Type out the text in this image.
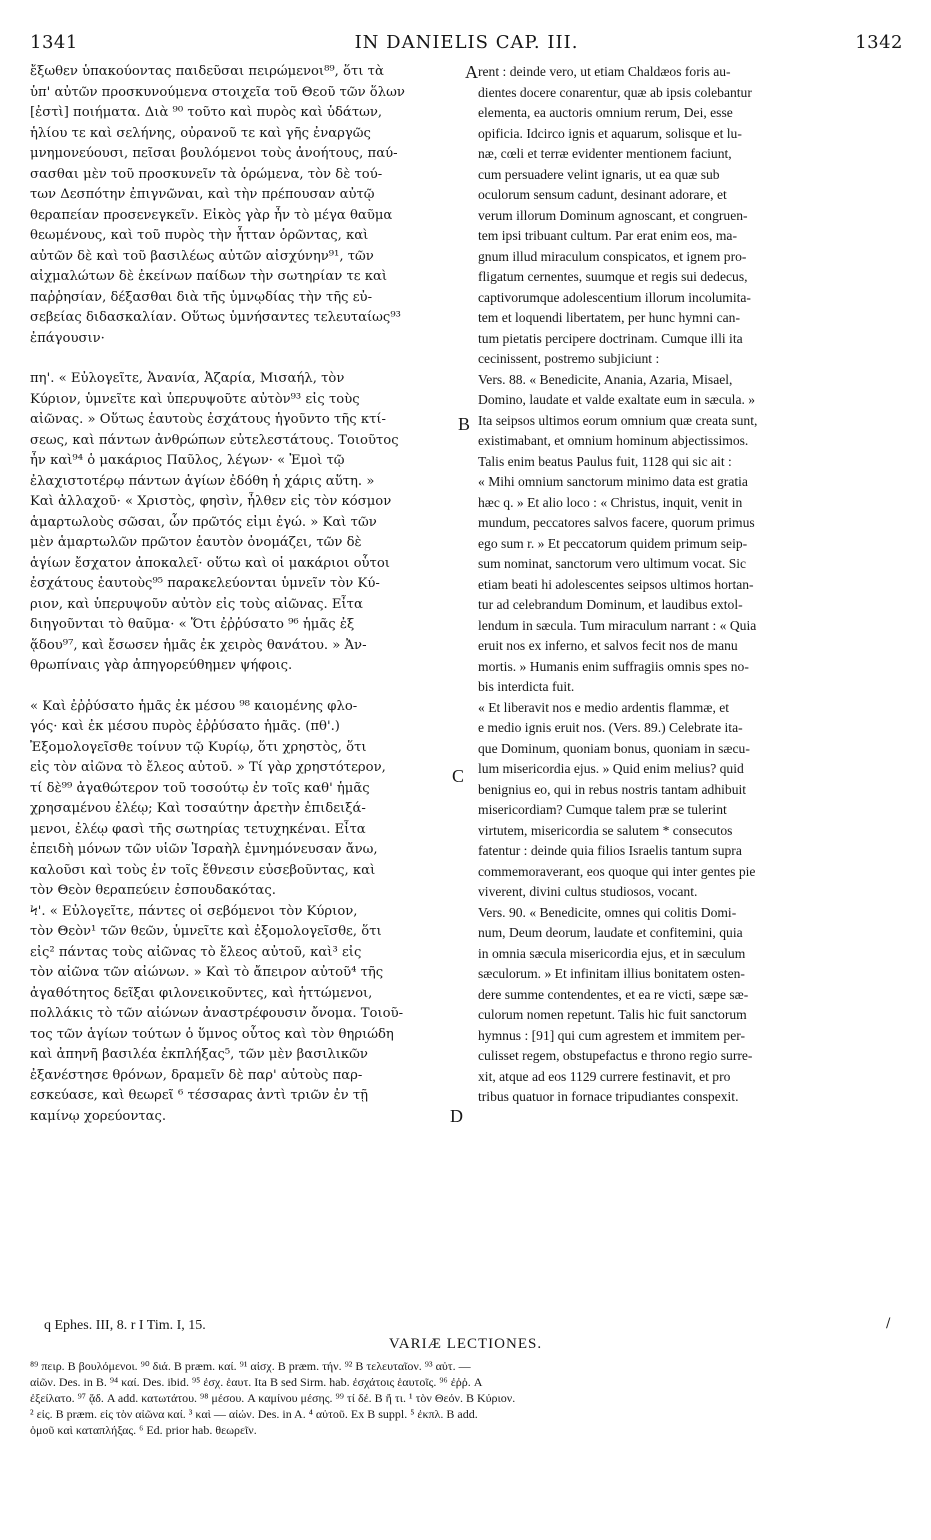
1341	IN DANIELIS CAP. III.	1342
A
B
C
D
ἔξωθεν ὑπακούοντας παιδεῦσαι πειρώμενοι⁸⁹, ὅτι τὰ
ὑπ' αὐτῶν προσκυνούμενα στοιχεῖα τοῦ Θεοῦ τῶν ὅλων
[ἐστὶ] ποιήματα. Διὰ ⁹⁰ τοῦτο καὶ πυρὸς καὶ ὑδάτων,
ἡλίου τε καὶ σελήνης, οὐρανοῦ τε καὶ γῆς ἐναργῶς
μνημονεύουσι, πεῖσαι βουλόμενοι τοὺς ἀνοήτους, παύ-
σασθαι μὲν τοῦ προσκυνεῖν τὰ ὁρώμενα, τὸν δὲ τού-
των Δεσπότην ἐπιγνῶναι, καὶ τὴν πρέπουσαν αὐτῷ
θεραπείαν προσενεγκεῖν. Εἰκὸς γὰρ ἦν τὸ μέγα θαῦμα
θεωμένους, καὶ τοῦ πυρὸς τὴν ἧτταν ὁρῶντας, καὶ
αὐτῶν δὲ καὶ τοῦ βασιλέως αὐτῶν αἰσχύνην⁹¹, τῶν
αἰχμαλώτων δὲ ἐκείνων παίδων τὴν σωτηρίαν τε καὶ
παῤῥησίαν, δέξασθαι διὰ τῆς ὑμνῳδίας τὴν τῆς εὐ-
σεβείας διδασκαλίαν. Οὕτως ὑμνήσαντες τελευταίως⁹³
ἐπάγουσιν·
πη'. « Εὐλογεῖτε, Ἀνανία, Ἀζαρία, Μισαήλ, τὸν
Κύριον, ὑμνεῖτε καὶ ὑπερυψοῦτε αὐτὸν⁹³ εἰς τοὺς
αἰῶνας. » Οὕτως ἑαυτοὺς ἐσχάτους ἡγοῦντο τῆς κτί-
σεως, καὶ πάντων ἀνθρώπων εὐτελεστάτους. Τοιοῦτος
ἦν καὶ⁹⁴ ὁ μακάριος Παῦλος, λέγων· « Ἐμοὶ τῷ
ἐλαχιστοτέρῳ πάντων ἁγίων ἐδόθη ἡ χάρις αὕτη. »
Καὶ ἀλλαχοῦ· « Χριστὸς, φησὶν, ἦλθεν εἰς τὸν κόσμον
ἁμαρτωλοὺς σῶσαι, ὧν πρῶτός εἰμι ἐγώ. » Καὶ τῶν
μὲν ἁμαρτωλῶν πρῶτον ἑαυτὸν ὀνομάζει, τῶν δὲ
ἁγίων ἔσχατον ἀποκαλεῖ· οὕτω καὶ οἱ μακάριοι οὗτοι
ἐσχάτους ἑαυτοὺς⁹⁵ παρακελεύονται ὑμνεῖν τὸν Κύ-
ριον, καὶ ὑπερυψοῦν αὐτὸν εἰς τοὺς αἰῶνας. Εἶτα
διηγοῦνται τὸ θαῦμα· « Ὅτι ἐῤῥύσατο ⁹⁶ ἡμᾶς ἐξ
ᾅδου⁹⁷, καὶ ἔσωσεν ἡμᾶς ἐκ χειρὸς θανάτου. » Ἀν-
θρωπίναις γὰρ ἀπηγορεύθημεν ψήφοις.
« Καὶ ἐῤῥύσατο ἡμᾶς ἐκ μέσου ⁹⁸ καιομένης φλο-
γός· καὶ ἐκ μέσου πυρὸς ἐῤῥύσατο ἡμᾶς. (πθ'.)
Ἐξομολογεῖσθε τοίνυν τῷ Κυρίῳ, ὅτι χρηστὸς, ὅτι
εἰς τὸν αἰῶνα τὸ ἔλεος αὐτοῦ. » Τί γὰρ χρηστότερον,
τί δὲ⁹⁹ ἀγαθώτερον τοῦ τοσούτῳ ἐν τοῖς καθ' ἡμᾶς
χρησαμένου ἐλέῳ; Καὶ τοσαύτην ἀρετὴν ἐπιδειξά-
μενοι, ἐλέῳ φασὶ τῆς σωτηρίας τετυχηκέναι. Εἶτα
ἐπειδὴ μόνων τῶν υἱῶν Ἰσραὴλ ἐμνημόνευσαν ἄνω,
καλοῦσι καὶ τοὺς ἐν τοῖς ἔθνεσιν εὐσεβοῦντας, καὶ
τὸν Θεὸν θεραπεύειν ἐσπουδακότας.
Ϟ'. « Εὐλογεῖτε, πάντες οἱ σεβόμενοι τὸν Κύριον,
τὸν Θεὸν¹ τῶν θεῶν, ὑμνεῖτε καὶ ἐξομολογεῖσθε, ὅτι
εἰς² πάντας τοὺς αἰῶνας τὸ ἔλεος αὐτοῦ, καὶ³ εἰς
τὸν αἰῶνα τῶν αἰώνων. » Καὶ τὸ ἄπειρον αὐτοῦ⁴ τῆς
ἀγαθότητος δεῖξαι φιλονεικοῦντες, καὶ ἡττώμενοι,
πολλάκις τὸ τῶν αἰώνων ἀναστρέφουσιν ὄνομα. Τοιοῦ-
τος τῶν ἁγίων τούτων ὁ ὕμνος οὗτος καὶ τὸν θηριώδη
καὶ ἀπηνῆ βασιλέα ἐκπλήξας⁵, τῶν μὲν βασιλικῶν
ἐξανέστησε θρόνων, δραμεῖν δὲ παρ' αὐτοὺς παρ-
εσκεύασε, καὶ θεωρεῖ ⁶ τέσσαρας ἀντὶ τριῶν ἐν τῇ
καμίνῳ χορεύοντας.
rent : deinde vero, ut etiam Chaldæos foris au-
dientes docere conarentur, quæ ab ipsis colebantur
elementa, ea auctoris omnium rerum, Dei, esse
opificia. Idcirco ignis et aquarum, solisque et lu-
næ, cœli et terræ evidenter mentionem faciunt,
cum persuadere velint ignaris, ut ea quæ sub
oculorum sensum cadunt, desinant adorare, et
verum illorum Dominum agnoscant, et congruen-
tem ipsi tribuant cultum. Par erat enim eos, ma-
gnum illud miraculum conspicatos, et ignem pro-
fligatum cernentes, suumque et regis sui dedecus,
captivorumque adolescentium illorum incolumita-
tem et loquendi libertatem, per hunc hymni can-
tum pietatis percipere doctrinam. Cumque illi ita
cecinissent, postremo subjiciunt :
Vers. 88. « Benedicite, Anania, Azaria, Misael,
Domino, laudate et valde exaltate eum in sæcula. »
Ita seipsos ultimos eorum omnium quæ creata sunt,
existimabant, et omnium hominum abjectissimos.
Talis enim beatus Paulus fuit, 1128 qui sic ait :
« Mihi omnium sanctorum minimo data est gratia
hæc q. » Et alio loco : « Christus, inquit, venit in
mundum, peccatores salvos facere, quorum primus
ego sum r. » Et peccatorum quidem primum seip-
sum nominat, sanctorum vero ultimum vocat. Sic
etiam beati hi adolescentes seipsos ultimos hortan-
tur ad celebrandum Dominum, et laudibus extol-
lendum in sæcula. Tum miraculum narrant : « Quia
eruit nos ex inferno, et salvos fecit nos de manu
mortis. » Humanis enim suffragiis omnis spes no-
bis interdicta fuit.
« Et liberavit nos e medio ardentis flammæ, et
e medio ignis eruit nos. (Vers. 89.) Celebrate ita-
que Dominum, quoniam bonus, quoniam in sæcu-
lum misericordia ejus. » Quid enim melius? quid
benignius eo, qui in rebus nostris tantam adhibuit
misericordiam? Cumque talem præ se tulerint
virtutem, misericordia se salutem * consecutos
fatentur : deinde quia filios Israelis tantum supra
commemoraverant, eos quoque qui inter gentes pie
viverent, divini cultus studiosos, vocant.
Vers. 90. « Benedicite, omnes qui colitis Domi-
num, Deum deorum, laudate et confitemini, quia
in omnia sæcula misericordia ejus, et in sæculum
sæculorum. » Et infinitam illius bonitatem osten-
dere summe contendentes, et ea re victi, sæpe sæ-
culorum nomen repetunt. Talis hic fuit sanctorum
hymnus : [91] qui cum agrestem et immitem per-
culisset regem, obstupefactus e throno regio surre-
xit, atque ad eos 1129 currere festinavit, et pro
tribus quatuor in fornace tripudiantes conspexit.
q Ephes. III, 8. r I Tim. I, 15.	/
VARIÆ LECTIONES.
⁸⁹ πειρ. B βουλόμενοι. ⁹⁰ διά. B præm. καί. ⁹¹ αἰσχ. B præm. τήν. ⁹² B τελευταῖον. ⁹³ αὐτ. —
αἰῶν. Des. in B. ⁹⁴ καί. Des. ibid. ⁹⁵ ἐσχ. ἑαυτ. Ita B sed Sirm. hab. ἐσχάτοις ἑαυτοῖς. ⁹⁶ ἐῤῥ. A
ἐξείλατο. ⁹⁷ ᾅδ. A add. κατωτάτου. ⁹⁸ μέσου. A καμίνου μέσης. ⁹⁹ τί δέ. B ἤ τι. ¹ τὸν Θεόν. B Κύριον.
² εἰς. B præm. εἰς τὸν αἰῶνα καί. ³ καὶ — αἰών. Des. in A. ⁴ αὐτοῦ. Ex B suppl. ⁵ ἐκπλ. B add.
ὁμοῦ καὶ καταπλήξας. ⁶ Ed. prior hab. θεωρεῖν.
